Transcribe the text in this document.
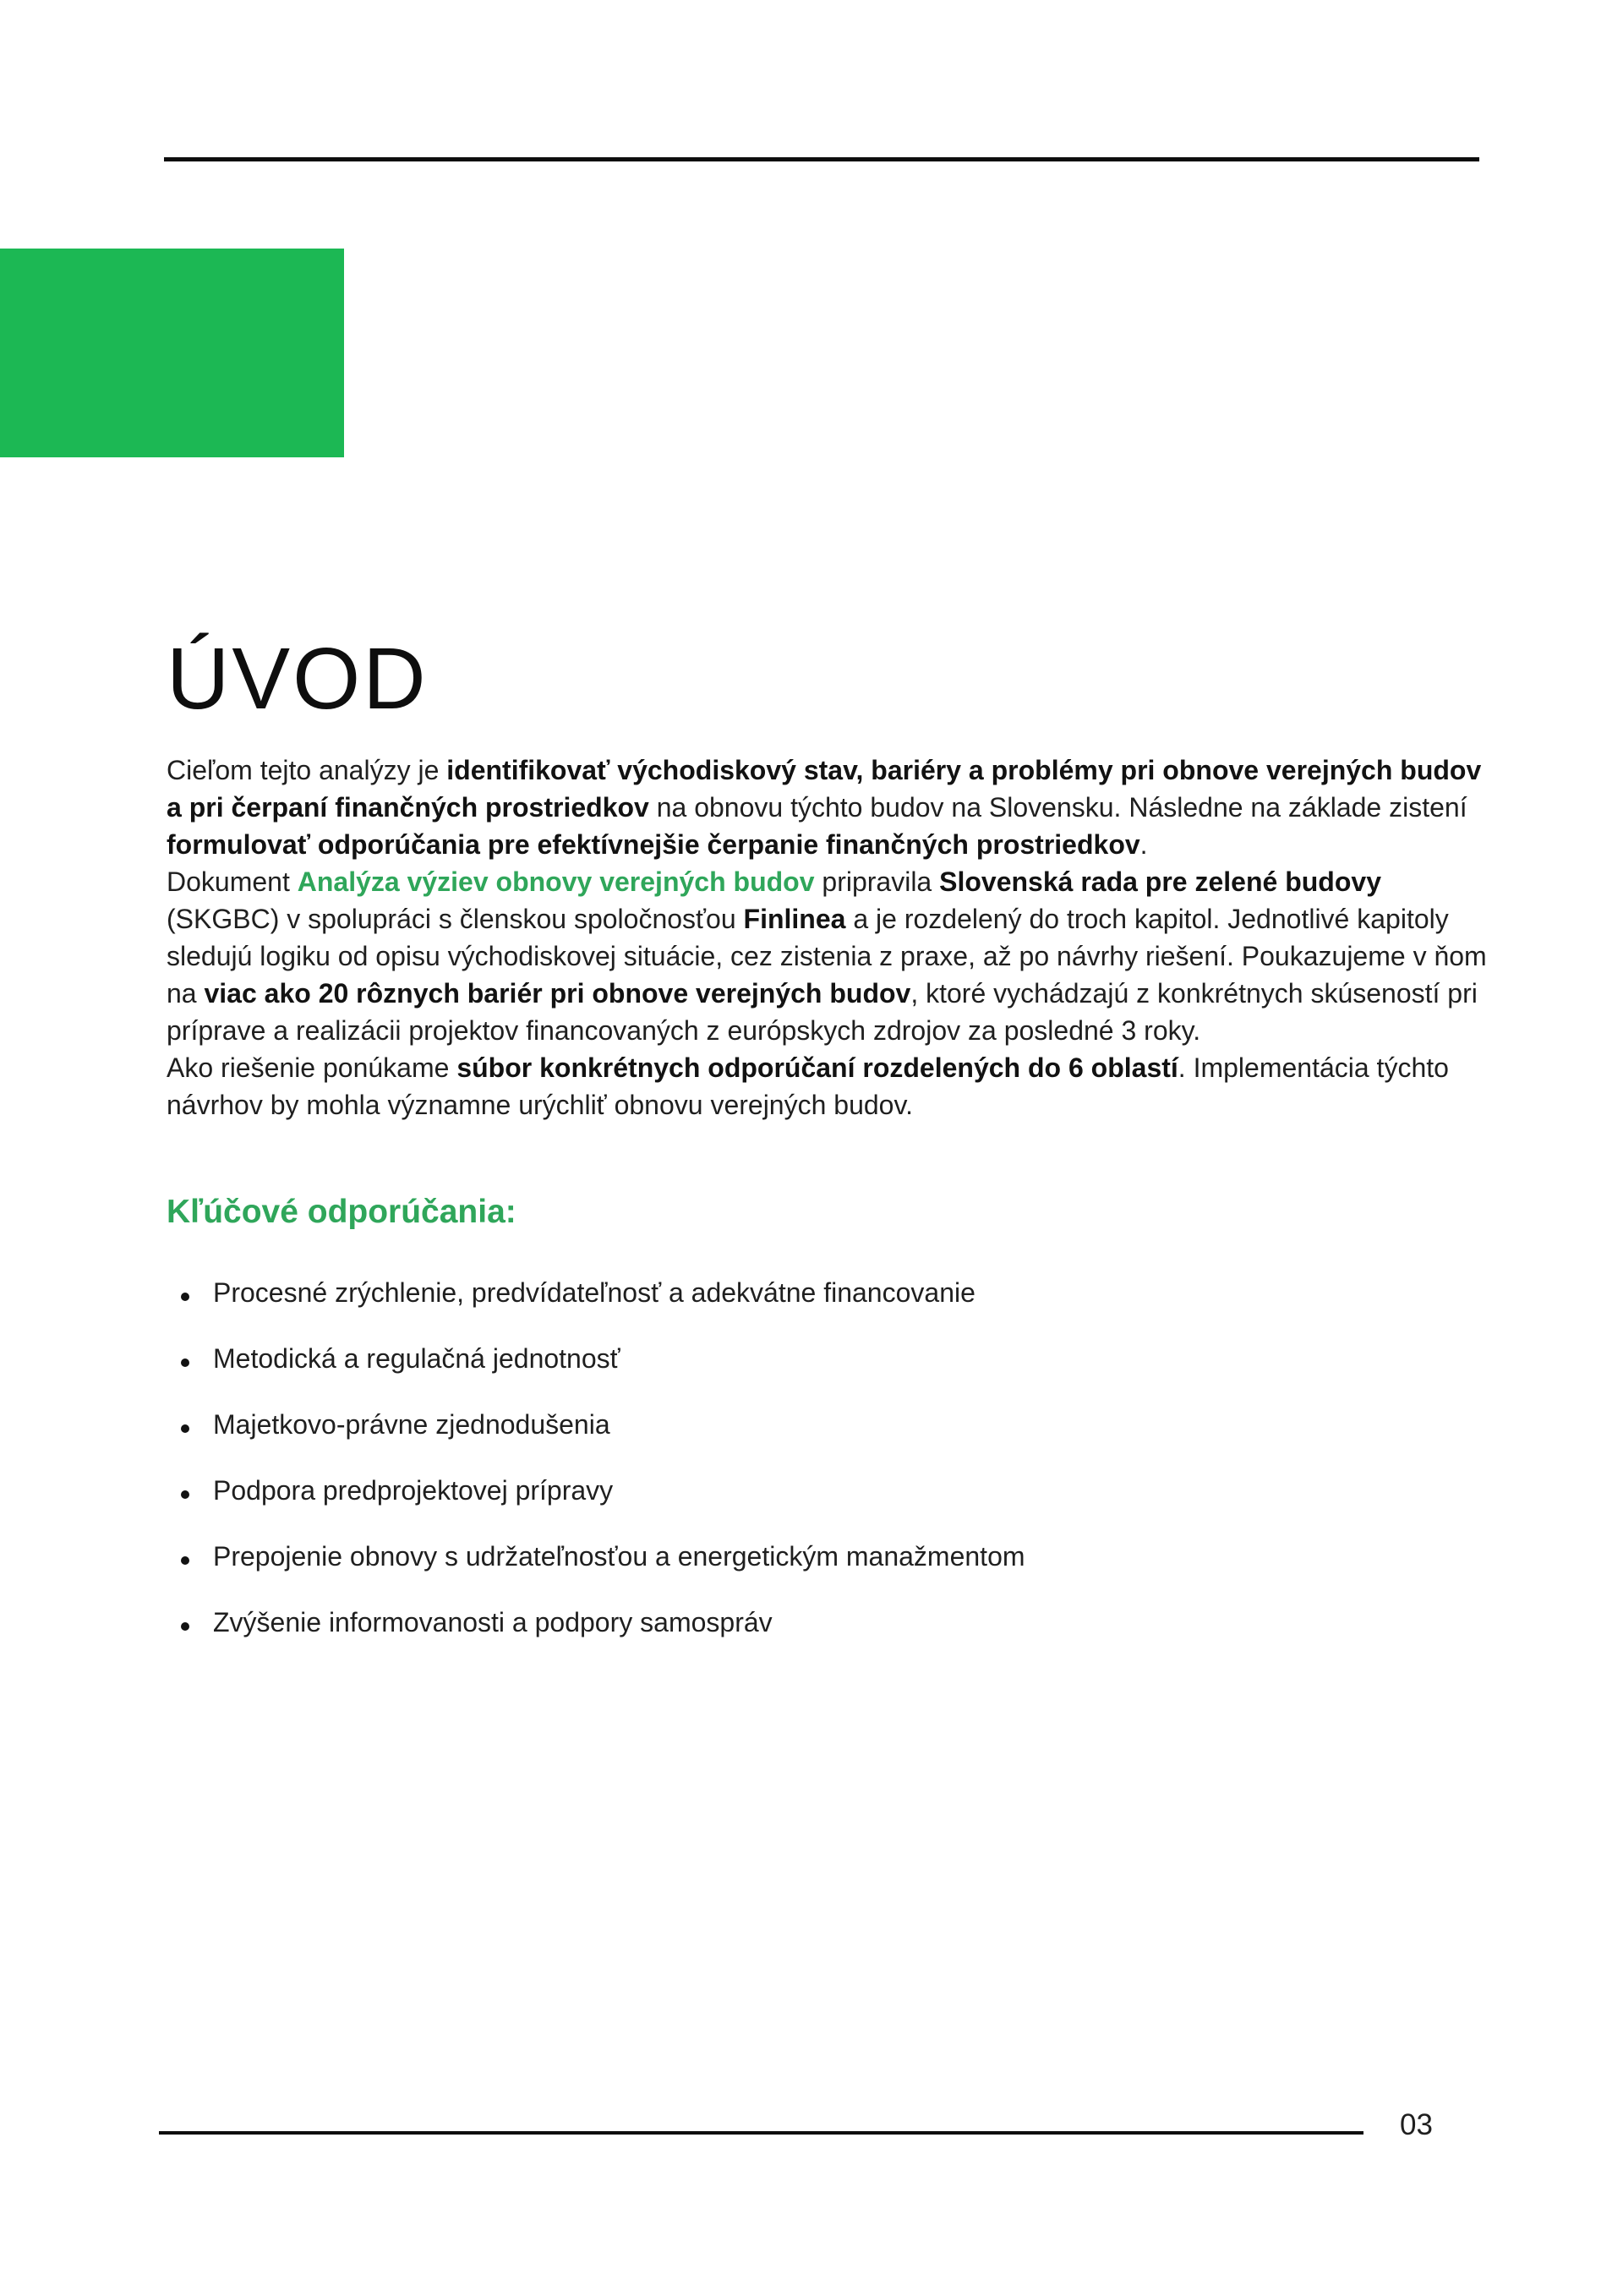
ÚVOD

Cieľom tejto analýzy je identifikovať východiskový stav, bariéry a problémy pri obnove verejných budov a pri čerpaní finančných prostriedkov na obnovu týchto budov na Slovensku. Následne na základe zistení formulovať odporúčania pre efektívnejšie čerpanie finančných prostriedkov.

Dokument Analýza výziev obnovy verejných budov pripravila Slovenská rada pre zelené budovy (SKGBC) v spolupráci s členskou spoločnosťou Finlinea a je rozdelený do troch kapitol. Jednotlivé kapitoly sledujú logiku od opisu východiskovej situácie, cez zistenia z praxe, až po návrhy riešení. Poukazujeme v ňom na viac ako 20 rôznych bariér pri obnove verejných budov, ktoré vychádzajú z konkrétnych skúseností pri príprave a realizácii projektov financovaných z európskych zdrojov za posledné 3 roky.

Ako riešenie ponúkame súbor konkrétnych odporúčaní rozdelených do 6 oblastí. Implementácia týchto návrhov by mohla významne urýchliť obnovu verejných budov.

Kľúčové odporúčania:
Procesné zrýchlenie, predvídateľnosť a adekvátne financovanie
Metodická a regulačná jednotnosť
Majetkovo-právne zjednodušenia
Podpora predprojektovej prípravy
Prepojenie obnovy s udržateľnosťou a energetickým manažmentom
Zvýšenie informovanosti a podpory samospráv
03
